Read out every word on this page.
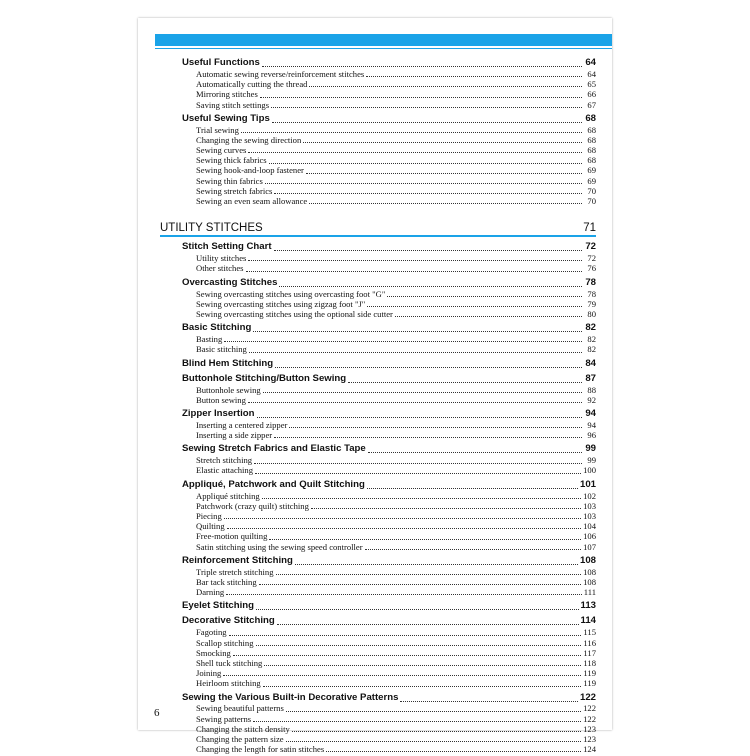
Useful Functions	64
Automatic sewing reverse/reinforcement stitches	64
Automatically cutting the thread	65
Mirroring stitches	66
Saving stitch settings	67
Useful Sewing Tips	68
Trial sewing	68
Changing the sewing direction	68
Sewing curves	68
Sewing thick fabrics	68
Sewing hook-and-loop fastener	69
Sewing thin fabrics	69
Sewing stretch fabrics	70
Sewing an even seam allowance	70
UTILITY STITCHES	71
Stitch Setting Chart	72
Utility stitches	72
Other stitches	76
Overcasting Stitches	78
Sewing overcasting stitches using overcasting foot "G"	78
Sewing overcasting stitches using zigzag foot "J"	79
Sewing overcasting stitches using the optional side cutter	80
Basic Stitching	82
Basting	82
Basic stitching	82
Blind Hem Stitching	84
Buttonhole Stitching/Button Sewing	87
Buttonhole sewing	88
Button sewing	92
Zipper Insertion	94
Inserting a centered zipper	94
Inserting a side zipper	96
Sewing Stretch Fabrics and Elastic Tape	99
Stretch stitching	99
Elastic attaching	100
Appliqué, Patchwork and Quilt Stitching	101
Appliqué stitching	102
Patchwork (crazy quilt) stitching	103
Piecing	103
Quilting	104
Free-motion quilting	106
Satin stitching using the sewing speed controller	107
Reinforcement Stitching	108
Triple stretch stitching	108
Bar tack stitching	108
Darning	111
Eyelet Stitching	113
Decorative Stitching	114
Fagoting	115
Scallop stitching	116
Smocking	117
Shell tuck stitching	118
Joining	119
Heirloom stitching	119
Sewing the Various Built-in Decorative Patterns	122
Sewing beautiful patterns	122
Sewing patterns	122
Changing the stitch density	123
Changing the pattern size	123
Changing the length for satin stitches	124
6
